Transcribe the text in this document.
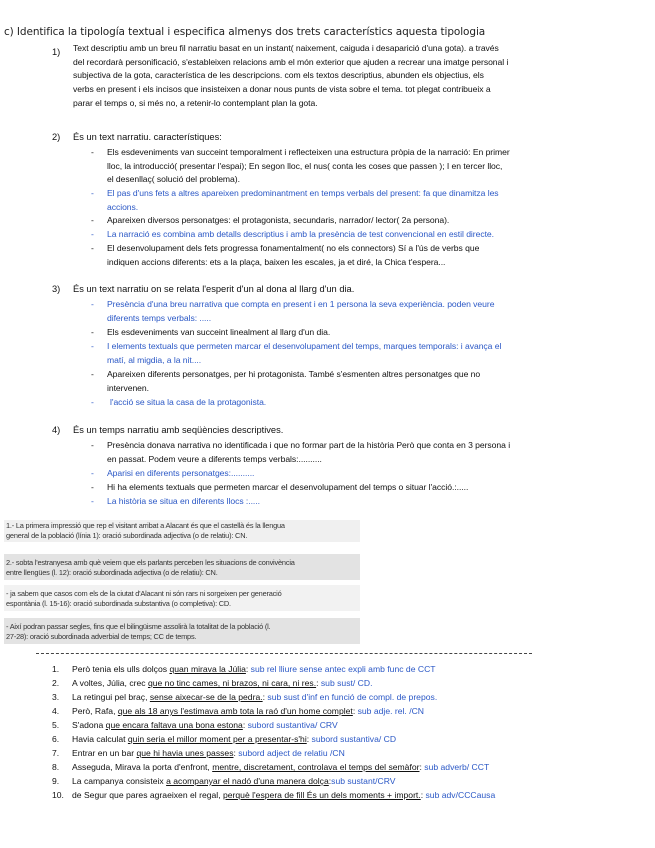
c) Identifica la tipología textual i especifica almenys dos trets característics aquesta tipologia
1) Text descriptiu amb un breu fil narratiu basat en un instant( naixement, caiguda i desaparició d'una gota). a través
del recordarà personificació, s'estableixen relacions amb el món exterior que ajuden a recrear una imatge personal i
subjectiva de la gota, característica de les descripcions. com els textos descriptius, abunden els objectius, els
verbs en present i els incisos que insisteixen a donar nous punts de vista sobre el tema. tot plegat contribueix a
parar el temps o, si més no, a retenir-lo contemplant plan la gota.
2) És un text narratiu. característiques:
- Els esdeveniments van succeint temporalment i reflecteixen una estructura pròpia de la narració: En primer
lloc, la introducció( presentar l'espai); En segon lloc, el nus( conta les coses que passen ); I en tercer lloc,
el desenllaç( solució del problema).
- El pas d'uns fets a altres apareixen predominantment en temps verbals del present: fa que dinamitza les
accions.
- Apareixen diversos personatges: el protagonista, secundaris, narrador/ lector( 2a persona).
- La narració es combina amb detalls descriptius i amb la presència de test convencional en estil directe.
- El desenvolupament dels fets progressa fonamentalment( no els connectors) Sí a l'ús de verbs que
indiquen accions diferents: ets a la plaça, baixen les escales, ja et diré, la Chica t'espera...
3) És un text narratiu on se relata l'esperit d'un al dona al llarg d'un dia.
- Presència d'una breu narrativa que compta en present i en 1 persona la seva experiència. poden veure
diferents temps verbals: .....
- Els esdeveniments van succeint linealment al llarg d'un dia.
- I elements textuals que permeten marcar el desenvolupament del temps, marques temporals: i avança el
matí, al migdia, a la nit....
- Apareixen diferents personatges, per hi protagonista. També s'esmenten altres personatges que no
intervenen.
- l'acció se situa la casa de la protagonista.
4) És un temps narratiu amb seqüències descriptives.
- Presència donava narrativa no identificada i que no formar part de la història Però que conta en 3 persona i
en passat. Podem veure a diferents temps verbals:..........
- Aparisi en diferents personatges:..........
- Hi ha elements textuals que permeten marcar el desenvolupament del temps o situar l'acció.:.....
- La història se situa en diferents llocs :.....
1.- La primera impressió que rep el visitant arribat a Alacant és que el castellà és la llengua
general de la població (línia 1): oració subordinada adjectiva (o de relatiu): CN.
2.- sobta l'estranyesa amb què veiem que els parlants perceben les situacions de convivència
entre llengües (l. 12): oració subordinada adjectiva (o de relatiu): CN.
- ja sabem que casos com els de la ciutat d'Alacant ni són rars ni sorgeixen per generació
espontània (l. 15-16): oració subordinada substantiva (o completiva): CD.
- Així podran passar segles, fins que el bilingüisme assolirà la totalitat de la població (l.
27-28): oració subordinada adverbial de temps; CC de temps.
1. Però tenia els ulls dolços quan mirava la Júlia: sub rel lliure sense antec expli amb func de CCT
2. A voltes, Júlia, crec que no tinc cames, ni brazos, ni cara, ni res.: sub sust/ CD.
3. La retingui pel braç, sense aixecar-se de la pedra.: sub sust d'inf en funció de compl. de prepos.
4. Però, Rafa, que als 18 anys l'estimava amb tota la raó d'un home complet: sub adje. rel. /CN
5. S'adona que encara faltava una bona estona: subord sustantiva/ CRV
6. Havia calculat quin seria el millor moment per a presentar-s'hi: subord sustantiva/ CD
7. Entrar en un bar que hi havia unes passes: subord adject de relatiu /CN
8. Asseguda, Mirava la porta d'enfront, mentre, discretament, controlava el temps del semàfor: sub adverb/ CCT
9. La campanya consisteix a acompanyar el nadó d'una manera dolça:sub sustant/CRV
10. de Segur que pares agraeixen el regal, perquè l'espera de fill És un dels moments + import.: sub adv/CCCausa
